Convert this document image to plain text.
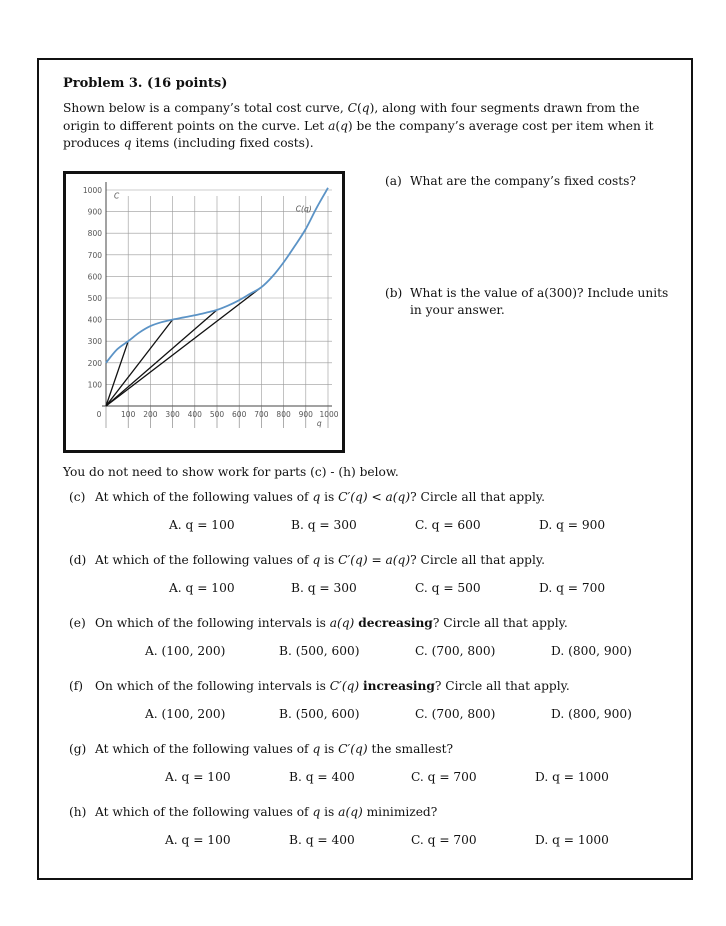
Problem 3. (16 points)
Shown below is a company’s total cost curve, C(q), along with four segments drawn from the origin to different points on the curve. Let a(q) be the company’s average cost per item when it produces q items (including fixed costs).
1000
900
800
700
600
500
400
300
200
100
0	100 200 300 400 500 600 700 800 900 1000
C
q
C(q)
(a) What are the company’s fixed costs?
(b) What is the value of a(300)? Include units in your answer.
You do not need to show work for parts (c) - (h) below.
(c) At which of the following values of q is C′(q) < a(q)? Circle all that apply.
A. q = 100	B. q = 300	C. q = 600	D. q = 900
(d) At which of the following values of q is C′(q) = a(q)? Circle all that apply.
A. q = 100	B. q = 300	C. q = 500	D. q = 700
(e) On which of the following intervals is a(q) decreasing? Circle all that apply.
A. (100, 200)	B. (500, 600)	C. (700, 800)	D. (800, 900)
(f) On which of the following intervals is C′(q) increasing? Circle all that apply.
A. (100, 200)	B. (500, 600)	C. (700, 800)	D. (800, 900)
(g) At which of the following values of q is C′(q) the smallest?
A. q = 100	B. q = 400	C. q = 700	D. q = 1000
(h) At which of the following values of q is a(q) minimized?
A. q = 100	B. q = 400	C. q = 700	D. q = 1000
